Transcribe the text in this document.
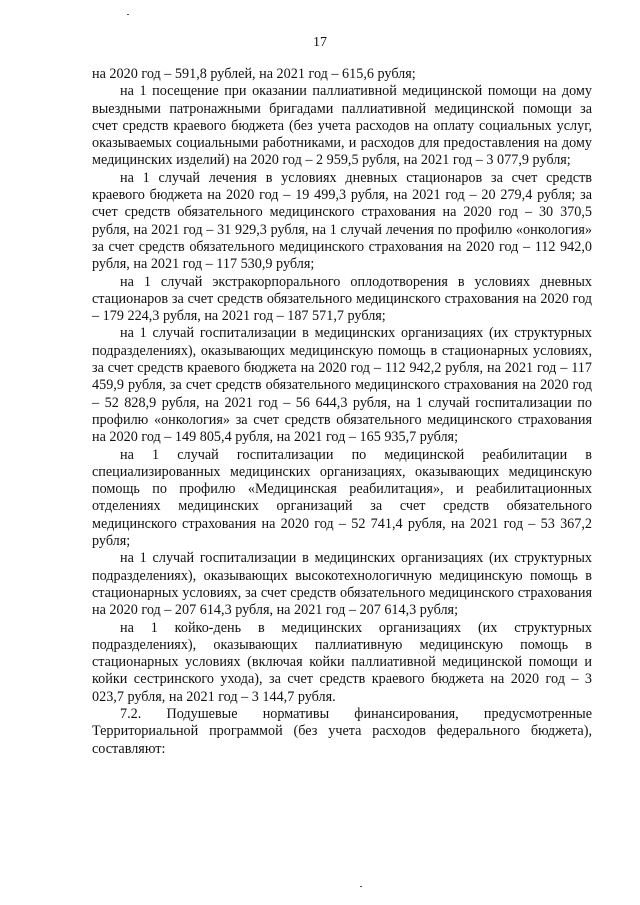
17

на 2020 год – 591,8 рублей, на 2021 год – 615,6 рубля;

на 1 посещение при оказании паллиативной медицинской помощи на дому выездными патронажными бригадами паллиативной медицинской помощи за счет средств краевого бюджета (без учета расходов на оплату социальных услуг, оказываемых социальными работниками, и расходов для предоставления на дому медицинских изделий) на 2020 год – 2 959,5 рубля, на 2021 год – 3 077,9 рубля;

на 1 случай лечения в условиях дневных стационаров за счет средств краевого бюджета на 2020 год – 19 499,3 рубля, на 2021 год – 20 279,4 рубля; за счет средств обязательного медицинского страхования на 2020 год – 30 370,5 рубля, на 2021 год – 31 929,3 рубля, на 1 случай лечения по профилю «онкология» за счет средств обязательного медицинского страхования на 2020 год – 112 942,0 рубля, на 2021 год – 117 530,9 рубля;

на 1 случай экстракорпорального оплодотворения в условиях дневных стационаров за счет средств обязательного медицинского страхования на 2020 год – 179 224,3 рубля, на 2021 год – 187 571,7 рубля;

на 1 случай госпитализации в медицинских организациях (их структурных подразделениях), оказывающих медицинскую помощь в стационарных условиях, за счет средств краевого бюджета на 2020 год – 112 942,2 рубля, на 2021 год – 117 459,9 рубля, за счет средств обязательного медицинского страхования на 2020 год – 52 828,9 рубля, на 2021 год – 56 644,3 рубля, на 1 случай госпитализации по профилю «онкология» за счет средств обязательного медицинского страхования на 2020 год – 149 805,4 рубля, на 2021 год – 165 935,7 рубля;

на 1 случай госпитализации по медицинской реабилитации в специализированных медицинских организациях, оказывающих медицинскую помощь по профилю «Медицинская реабилитация», и реабилитационных отделениях медицинских организаций за счет средств обязательного медицинского страхования на 2020 год – 52 741,4 рубля, на 2021 год – 53 367,2 рубля;

на 1 случай госпитализации в медицинских организациях (их структурных подразделениях), оказывающих высокотехнологичную медицинскую помощь в стационарных условиях, за счет средств обязательного медицинского страхования на 2020 год – 207 614,3 рубля, на 2021 год – 207 614,3 рубля;

на 1 койко-день в медицинских организациях (их структурных подразделениях), оказывающих паллиативную медицинскую помощь в стационарных условиях (включая койки паллиативной медицинской помощи и койки сестринского ухода), за счет средств краевого бюджета на 2020 год – 3 023,7 рубля, на 2021 год – 3 144,7 рубля.

7.2. Подушевые нормативы финансирования, предусмотренные Территориальной программой (без учета расходов федерального бюджета), составляют:
